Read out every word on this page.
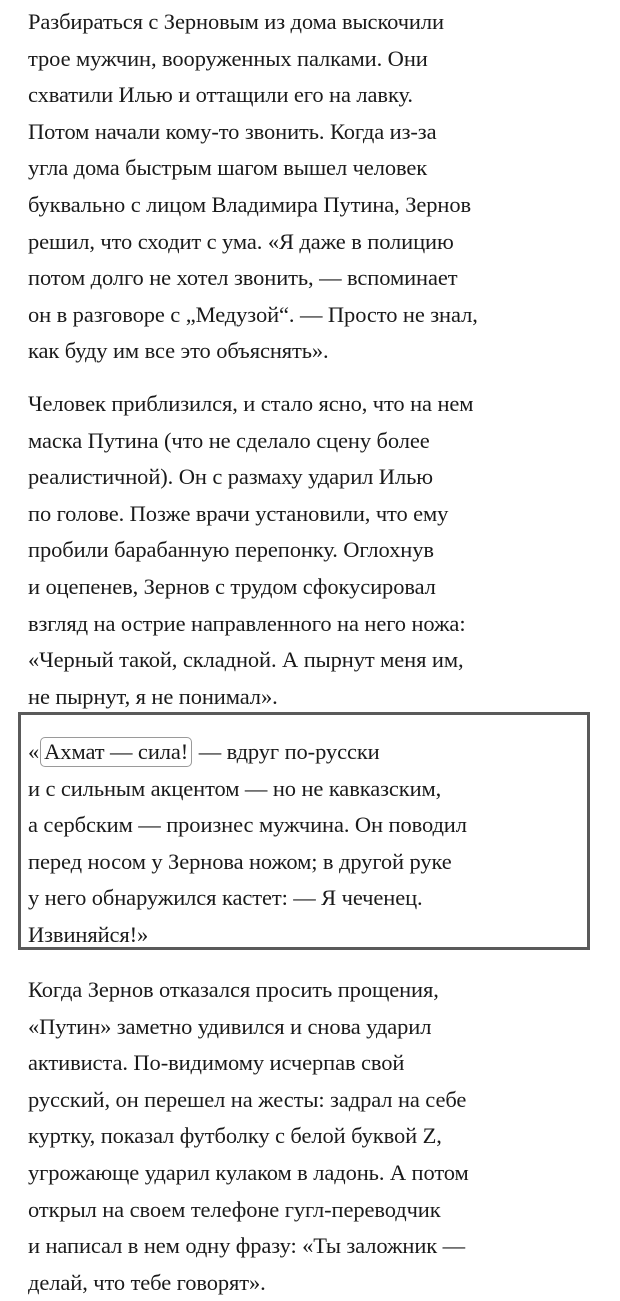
Разбираться с Зерновым из дома выскочили
трое мужчин, вооруженных палками. Они
схватили Илью и оттащили его на лавку.
Потом начали кому-то звонить. Когда из-за
угла дома быстрым шагом вышел человек
буквально с лицом Владимира Путина, Зернов
решил, что сходит с ума. «Я даже в полицию
потом долго не хотел звонить, — вспоминает
он в разговоре с „Медузой“. — Просто не знал,
как буду им все это объяснять».
Человек приблизился, и стало ясно, что на нем
маска Путина (что не сделало сцену более
реалистичной). Он с размаху ударил Илью
по голове. Позже врачи установили, что ему
пробили барабанную перепонку. Оглохнув
и оцепенев, Зернов с трудом сфокусировал
взгляд на острие направленного на него ножа:
«Черный такой, складной. А пырнут меня им,
не пырнут, я не понимал».
« Ахмат — сила! — вдруг по-русски
и с сильным акцентом — но не кавказским,
а сербским — произнес мужчина. Он поводил
перед носом у Зернова ножом; в другой руке
у него обнаружился кастет: — Я чеченец.
Извиняйся!»
Когда Зернов отказался просить прощения,
«Путин» заметно удивился и снова ударил
активиста. По-видимому исчерпав свой
русский, он перешел на жесты: задрал на себе
куртку, показал футболку с белой буквой Z,
угрожающе ударил кулаком в ладонь. А потом
открыл на своем телефоне гугл-переводчик
и написал в нем одну фразу: «Ты заложник —
делай, что тебе говорят».
